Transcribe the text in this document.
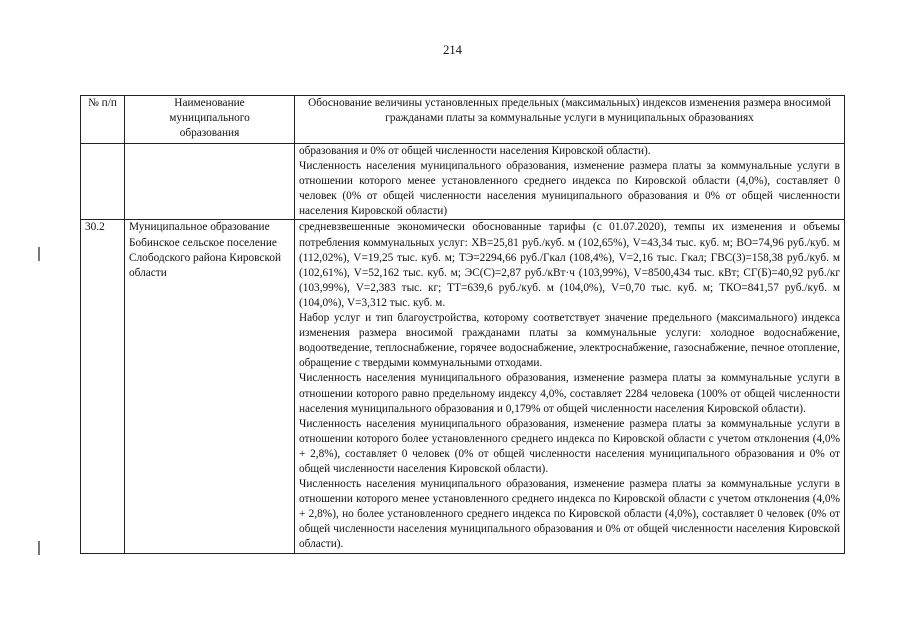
214
№ п/п	Наименование муниципального образования	Обоснование величины установленных предельных (максимальных) индексов изменения размера вносимой гражданами платы за коммунальные услуги в муниципальных образованиях

		образования и 0% от общей численности населения Кировской области).

Численность населения муниципального образования, изменение размера платы за коммунальные услуги в отношении которого менее установленного среднего индекса по Кировской области (4,0%), составляет 0 человек (0% от общей численности населения муниципального образования и 0% от общей численности населения Кировской области)

30.2	Муниципальное образование Бобинское сельское поселение Слободского района Кировской области	средневзвешенные экономически обоснованные тарифы (с 01.07.2020), темпы их изменения и объемы потребления коммунальных услуг: ХВ=25,81 руб./куб. м (102,65%), V=43,34 тыс. куб. м; ВО=74,96 руб./куб. м (112,02%), V=19,25 тыс. куб. м; ТЭ=2294,66 руб./Гкал (108,4%), V=2,16 тыс. Гкал; ГВС(З)=158,38 руб./куб. м (102,61%), V=52,162 тыс. куб. м; ЭС(С)=2,87 руб./кВт·ч (103,99%), V=8500,434 тыс. кВт; СГ(Б)=40,92 руб./кг (103,99%), V=2,383 тыс. кг; ТТ=639,6 руб./куб. м (104,0%), V=0,70 тыс. куб. м; ТКО=841,57 руб./куб. м (104,0%), V=3,312 тыс. куб. м.

Набор услуг и тип благоустройства, которому соответствует значение предельного (максимального) индекса изменения размера вносимой гражданами платы за коммунальные услуги: холодное водоснабжение, водоотведение, теплоснабжение, горячее водоснабжение, электроснабжение, газоснабжение, печное отопление, обращение с твердыми коммунальными отходами.

Численность населения муниципального образования, изменение размера платы за коммунальные услуги в отношении которого равно предельному индексу 4,0%, составляет 2284 человека (100% от общей численности населения муниципального образования и 0,179% от общей численности населения Кировской области).

Численность населения муниципального образования, изменение размера платы за коммунальные услуги в отношении которого более установленного среднего индекса по Кировской области с учетом отклонения (4,0% + 2,8%), составляет 0 человек (0% от общей численности населения муниципального образования и 0% от общей численности населения Кировской области).

Численность населения муниципального образования, изменение размера платы за коммунальные услуги в отношении которого менее установленного среднего индекса по Кировской области с учетом отклонения (4,0% + 2,8%), но более установленного среднего индекса по Кировской области (4,0%), составляет 0 человек (0% от общей численности населения муниципального образования и 0% от общей численности населения Кировской области).
